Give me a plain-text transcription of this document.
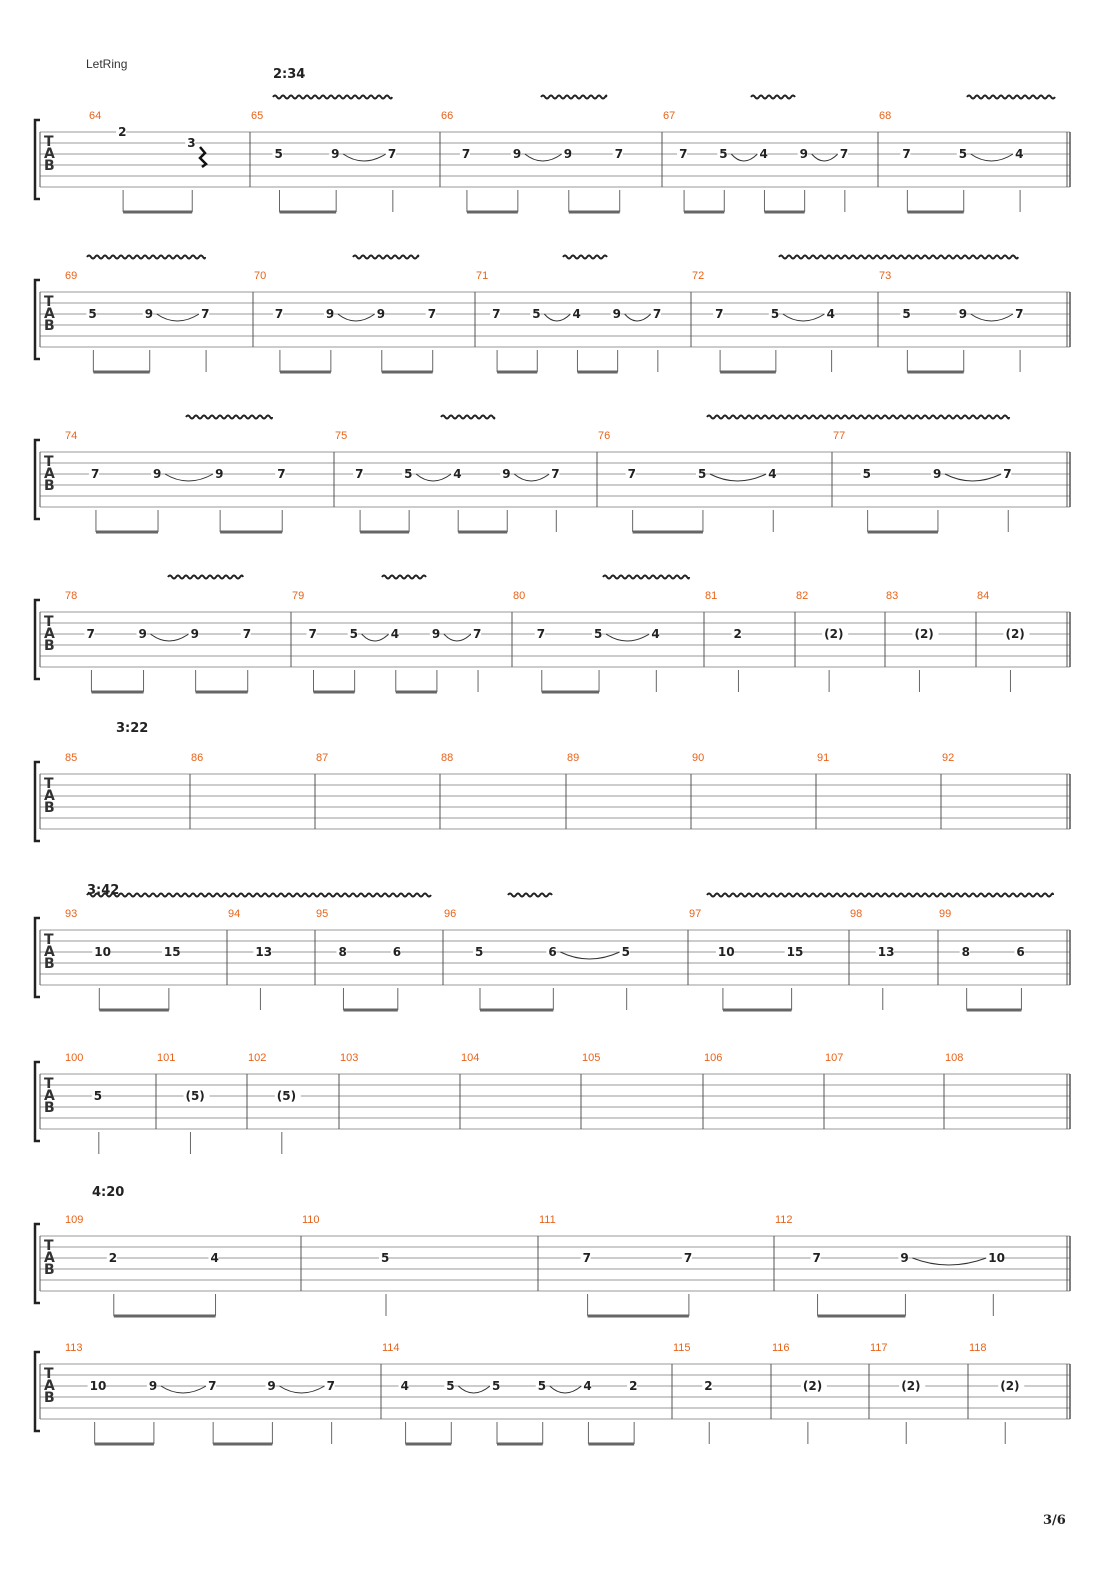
LetRing
3/6
2:34
T
A
B
64
2
3
65
5	9	7
66
7	9	9	7
67
7	5	4	9	7
68
7	5	4
T
A
B
69
5	9	7
70
7	9	9	7
71
7	5	4	9	7
72
7	5	4
73
5	9	7
T
A
B
74
7	9	9	7
75
7	5	4	9	7
76
7	5	4
77
5	9	7
T
A
B
78
7	9	9	7
79
7	5	4	9	7
80
7	5	4
81
2
82
(2)
83
(2)
84
(2)
3:22
T
A
B
85	86	87	88	89	90	91	92
3:42
T
A
B
93
10	15
94
13
95
8	6
96
5	6	5
97
10	15
98
13
99
8	6
T
A
B
100
5
101
(5)
102
(5)
103	104	105	106	107	108
4:20
T
A
B
109
2	4
110
5
111
7	7
112
7	9	10
T
A
B
113
10	9	7	9	7
114
4	5	5	5	4	2
115
2
116
(2)
117
(2)
118
(2)
